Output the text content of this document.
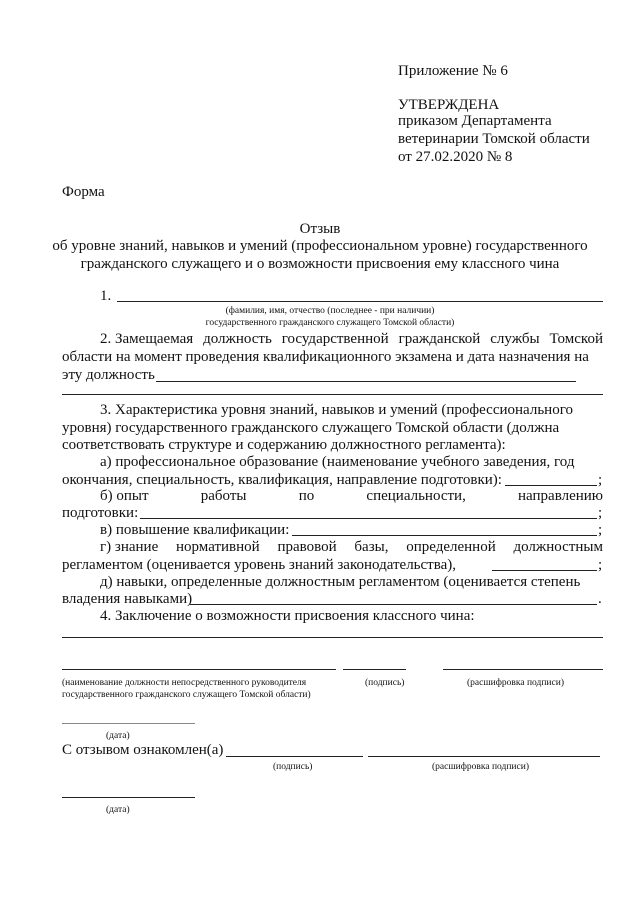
Приложение № 6
УТВЕРЖДЕНА
приказом Департамента
ветеринарии Томской области
от 27.02.2020 № 8
Форма
Отзыв
об уровне знаний, навыков и умений (профессиональном уровне) государственного
гражданского служащего и о возможности присвоения ему классного чина
1.
(фамилия, имя, отчество (последнее - при наличии)
государственного гражданского служащего Томской области)
2. Замещаемая должность государственной гражданской службы Томской
области на момент проведения квалификационного экзамена и дата назначения на
эту должность
3. Характеристика уровня знаний, навыков и умений (профессионального
уровня) государственного гражданского служащего Томской области (должна
соответствовать структуре и содержанию должностного регламента):
а) профессиональное образование (наименование учебного заведения, год
окончания, специальность, квалификация, направление подготовки):	;
б) опыт	работы	по	специальности,	направлению
подготовки:	;
в) повышение квалификации:	;
г) знание нормативной правовой базы, определенной должностным
регламентом (оценивается уровень знаний законодательства),	;
д) навыки, определенные должностным регламентом (оценивается степень
владения навыками)	.
4. Заключение о возможности присвоения классного чина:
(наименование должности непосредственного руководителя
государственного гражданского служащего Томской области)
(подпись)	(расшифровка подписи)
(дата)
С отзывом ознакомлен(а)
(подпись)	(расшифровка подписи)
(дата)
